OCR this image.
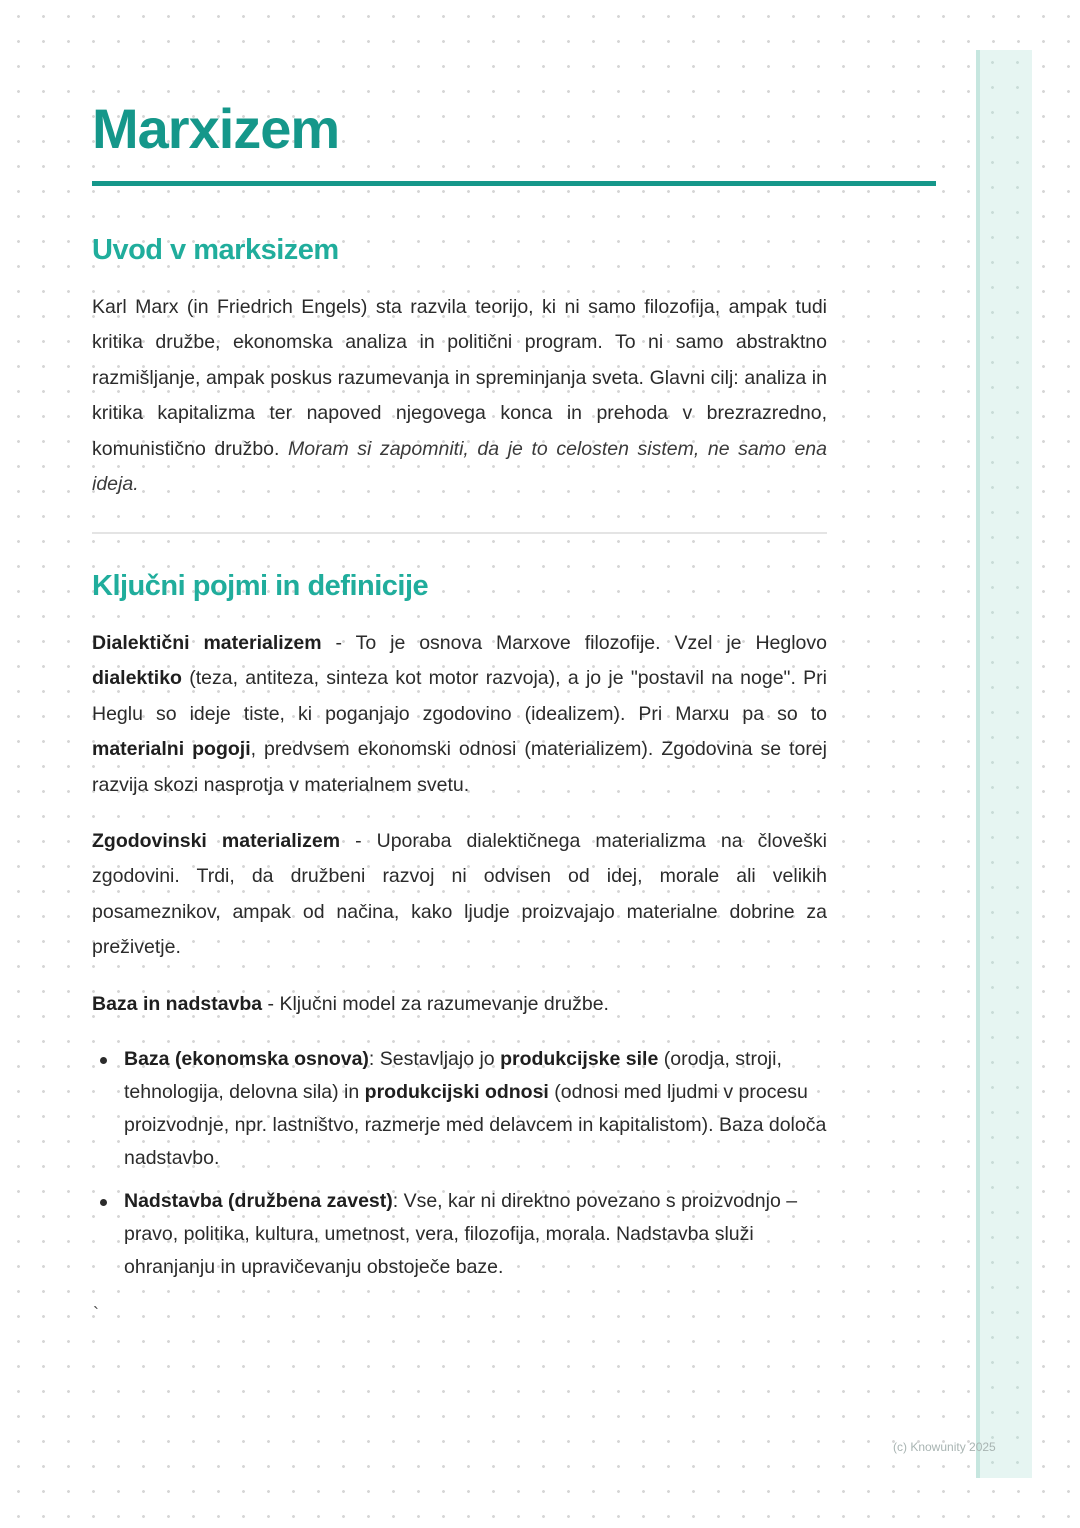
Marxizem
Uvod v marksizem

Karl Marx (in Friedrich Engels) sta razvila teorijo, ki ni samo filozofija, ampak tudi kritika družbe, ekonomska analiza in politični program. To ni samo abstraktno razmišljanje, ampak poskus razumevanja in spreminjanja sveta. Glavni cilj: analiza in kritika kapitalizma ter napoved njegovega konca in prehoda v brezrazredno, komunistično družbo. Moram si zapomniti, da je to celosten sistem, ne samo ena ideja.

Ključni pojmi in definicije

Dialektični materializem - To je osnova Marxove filozofije. Vzel je Heglovo dialektiko (teza, antiteza, sinteza kot motor razvoja), a jo je "postavil na noge". Pri Heglu so ideje tiste, ki poganjajo zgodovino (idealizem). Pri Marxu pa so to materialni pogoji, predvsem ekonomski odnosi (materializem). Zgodovina se torej razvija skozi nasprotja v materialnem svetu.

Zgodovinski materializem - Uporaba dialektičnega materializma na človeški zgodovini. Trdi, da družbeni razvoj ni odvisen od idej, morale ali velikih posameznikov, ampak od načina, kako ljudje proizvajajo materialne dobrine za preživetje.

Baza in nadstavba - Ključni model za razumevanje družbe.

Baza (ekonomska osnova): Sestavljajo jo produkcijske sile (orodja, stroji, tehnologija, delovna sila) in produkcijski odnosi (odnosi med ljudmi v procesu proizvodnje, npr. lastništvo, razmerje med delavcem in kapitalistom). Baza določa nadstavbo.
Nadstavba (družbena zavest): Vse, kar ni direktno povezano s proizvodnjo – pravo, politika, kultura, umetnost, vera, filozofija, morala. Nadstavba služi ohranjanju in upravičevanju obstoječe baze.
`
(c) Knowunity 2025
